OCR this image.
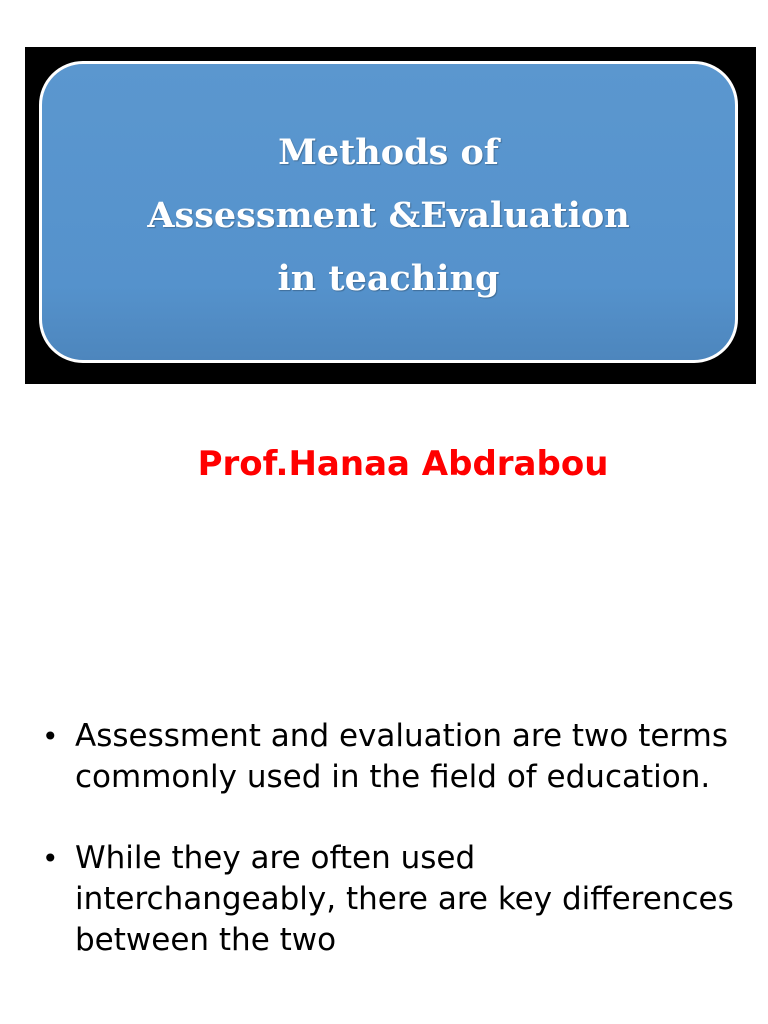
Methods of
Assessment &Evaluation
in teaching
Prof.Hanaa Abdrabou
• Assessment and evaluation are two terms commonly used in the field of education.
• While they are often used interchangeably, there are key differences between the two
